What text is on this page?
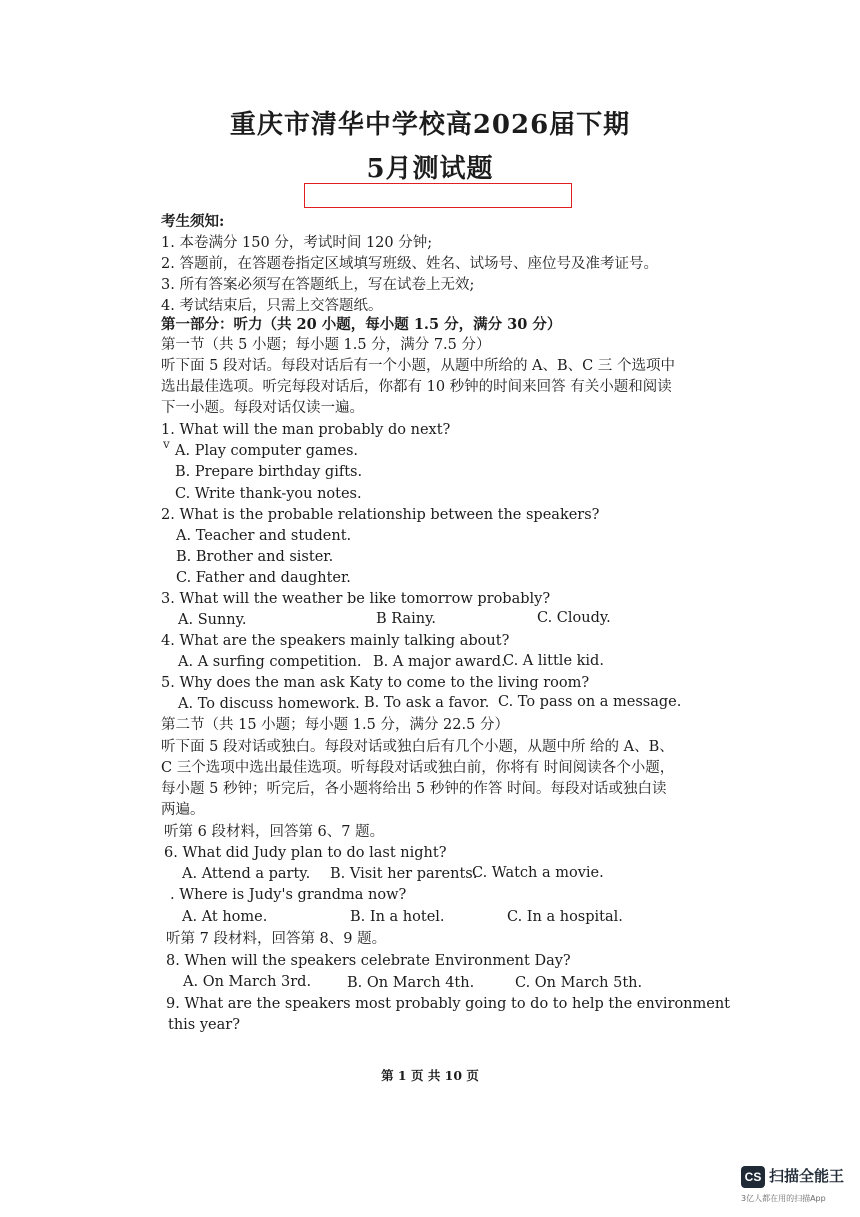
重庆市清华中学校高2026届下期
5月测试题
考生须知:
1. 本卷满分 150 分，考试时间 120 分钟;
2. 答题前，在答题卷指定区域填写班级、姓名、试场号、座位号及准考证号。
3. 所有答案必须写在答题纸上，写在试卷上无效;
4. 考试结束后，只需上交答题纸。
第一部分：听力（共 20 小题，每小题 1.5 分，满分 30 分）
第一节（共 5 小题；每小题 1.5 分，满分 7.5 分）
听下面 5 段对话。每段对话后有一个小题，从题中所给的 A、B、C 三 个选项中
选出最佳选项。听完每段对话后，你都有 10 秒钟的时间来回答 有关小题和阅读
下一小题。每段对话仅读一遍。
1. What will the man probably do next?
v A. Play computer games.
B. Prepare birthday gifts.
C. Write thank-you notes.
2. What is the probable relationship between the speakers?
A. Teacher and student.
B. Brother and sister.
C. Father and daughter.
3. What will the weather be like tomorrow probably?
A. Sunny.	B Rainy.	C. Cloudy.
4. What are the speakers mainly talking about?
A. A surfing competition. B. A major award.
C. A little kid.
5. Why does the man ask Katy to come to the living room?
A. To discuss homework. B. To ask a favor. C. To pass on a message.
第二节（共 15 小题；每小题 1.5 分，满分 22.5 分）
听下面 5 段对话或独白。每段对话或独白后有几个小题，从题中所 给的 A、B、
C 三个选项中选出最佳选项。听每段对话或独白前，你将有 时间阅读各个小题，
每小题 5 秒钟；听完后，各小题将给出 5 秒钟的作答 时间。每段对话或独白读
两遍。
听第 6 段材料，回答第 6、7 题。
6. What did Judy plan to do last night?
A. Attend a party. B. Visit her parents.
C. Watch a movie.
. Where is Judy's grandma now?
A. At home.	B. In a hotel.	C. In a hospital.
听第 7 段材料，回答第 8、9 题。
8. When will the speakers celebrate Environment Day?
A. On March 3rd. B. On March 4th.	C. On March 5th.
9. What are the speakers most probably going to do to help the environment
this year?
第 1 页 共 10 页
CS 扫描全能王
3亿人都在用的扫描App
